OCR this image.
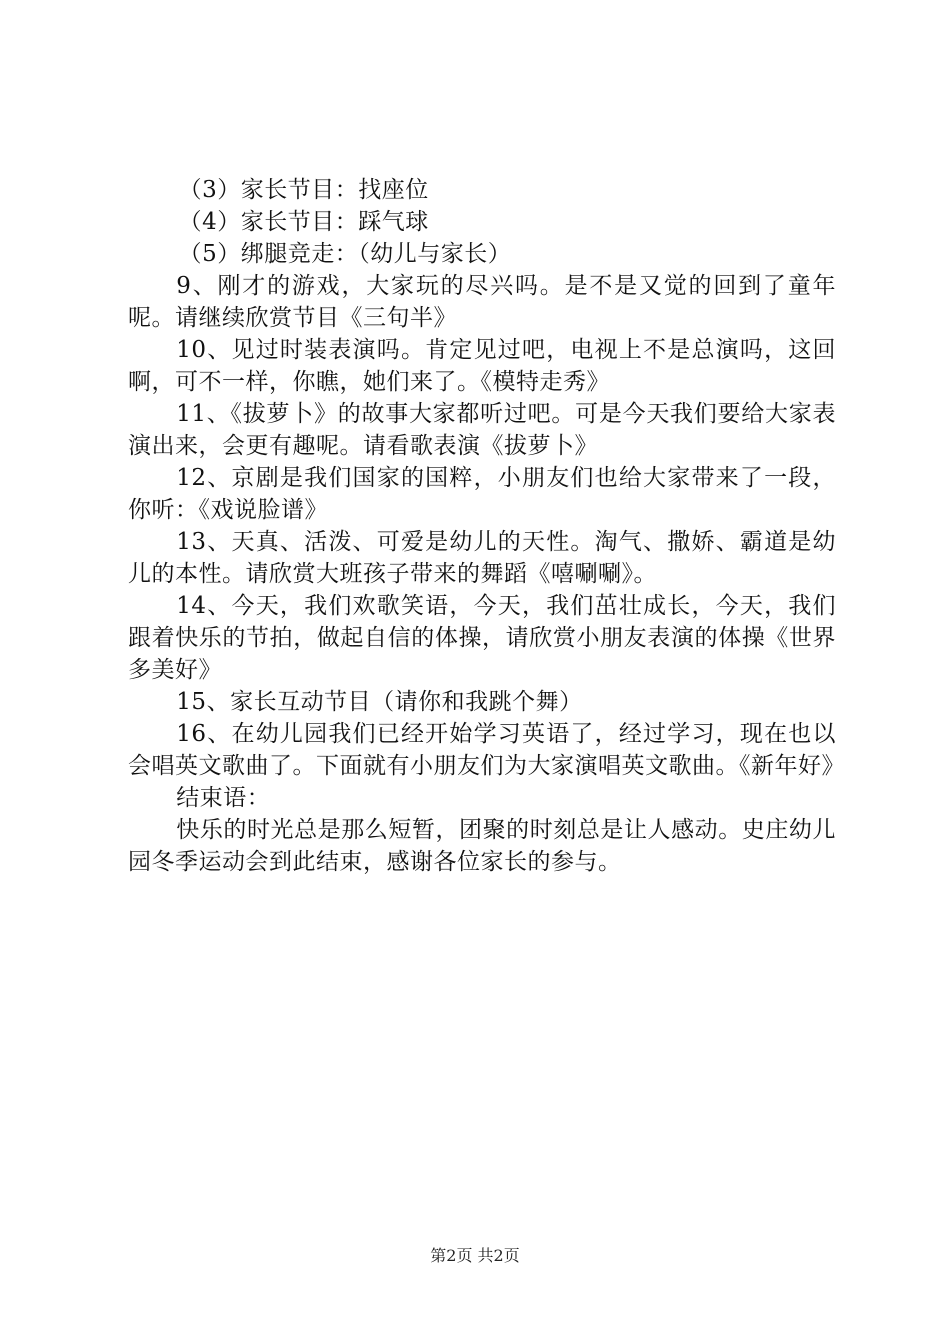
（3）家长节目：找座位

（4）家长节目：踩气球

（5）绑腿竞走：（幼儿与家长）

9、刚才的游戏，大家玩的尽兴吗。是不是又觉的回到了童年呢。请继续欣赏节目《三句半》

10、见过时装表演吗。肯定见过吧，电视上不是总演吗，这回啊，可不一样，你瞧，她们来了。《模特走秀》

11、《拔萝卜》的故事大家都听过吧。可是今天我们要给大家表演出来，会更有趣呢。请看歌表演《拔萝卜》

12、京剧是我们国家的国粹，小朋友们也给大家带来了一段，你听：《戏说脸谱》

13、天真、活泼、可爱是幼儿的天性。淘气、撒娇、霸道是幼儿的本性。请欣赏大班孩子带来的舞蹈《嘻唰唰》。

14、今天，我们欢歌笑语，今天，我们茁壮成长，今天，我们跟着快乐的节拍，做起自信的体操，请欣赏小朋友表演的体操《世界多美好》

15、家长互动节目（请你和我跳个舞）

16、在幼儿园我们已经开始学习英语了，经过学习，现在也以会唱英文歌曲了。下面就有小朋友们为大家演唱英文歌曲。《新年好》

结束语：

快乐的时光总是那么短暂，团聚的时刻总是让人感动。史庄幼儿园冬季运动会到此结束，感谢各位家长的参与。

第2页 共2页
